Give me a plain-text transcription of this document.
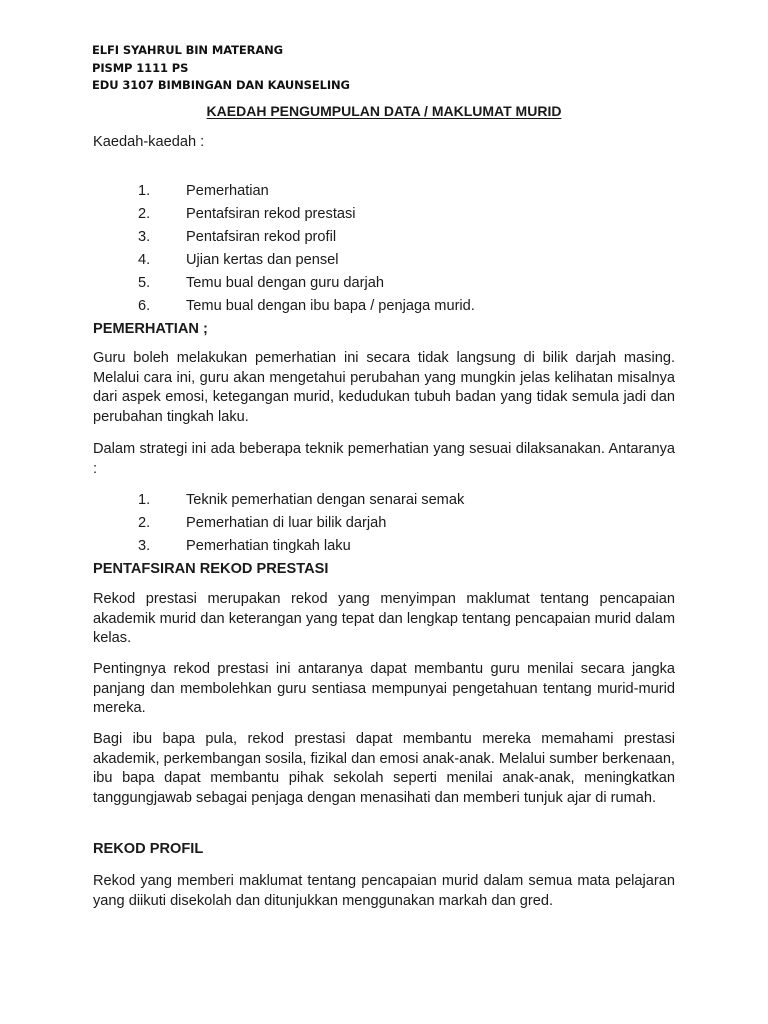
ELFI SYAHRUL BIN MATERANG
PISMP 1111 PS
EDU 3107 BIMBINGAN DAN KAUNSELING
KAEDAH PENGUMPULAN DATA / MAKLUMAT MURID
Kaedah-kaedah :
1. Pemerhatian
2. Pentafsiran rekod prestasi
3. Pentafsiran rekod profil
4. Ujian kertas dan pensel
5. Temu bual dengan guru darjah
6. Temu bual dengan ibu bapa / penjaga murid.
PEMERHATIAN ;
Guru boleh melakukan pemerhatian ini secara tidak langsung di bilik darjah masing. Melalui cara ini, guru akan mengetahui perubahan yang mungkin jelas kelihatan misalnya dari aspek emosi, ketegangan murid, kedudukan tubuh badan yang tidak semula jadi dan perubahan tingkah laku.
Dalam strategi ini ada beberapa teknik pemerhatian yang sesuai dilaksanakan. Antaranya :
1. Teknik pemerhatian dengan senarai semak
2. Pemerhatian di luar bilik darjah
3. Pemerhatian tingkah laku
PENTAFSIRAN REKOD PRESTASI
Rekod prestasi merupakan rekod yang menyimpan maklumat tentang pencapaian akademik murid dan keterangan yang tepat dan lengkap tentang pencapaian murid dalam kelas.
Pentingnya rekod prestasi ini antaranya dapat membantu guru menilai secara jangka panjang dan membolehkan guru sentiasa mempunyai pengetahuan tentang murid-murid mereka.
Bagi ibu bapa pula, rekod prestasi dapat membantu mereka memahami prestasi akademik, perkembangan sosila, fizikal dan emosi anak-anak. Melalui sumber berkenaan, ibu bapa dapat membantu pihak sekolah seperti menilai anak-anak, meningkatkan tanggungjawab sebagai penjaga dengan menasihati dan memberi tunjuk ajar di rumah.
REKOD PROFIL
Rekod yang memberi maklumat tentang pencapaian murid dalam semua mata pelajaran yang diikuti disekolah dan ditunjukkan menggunakan markah dan gred.
